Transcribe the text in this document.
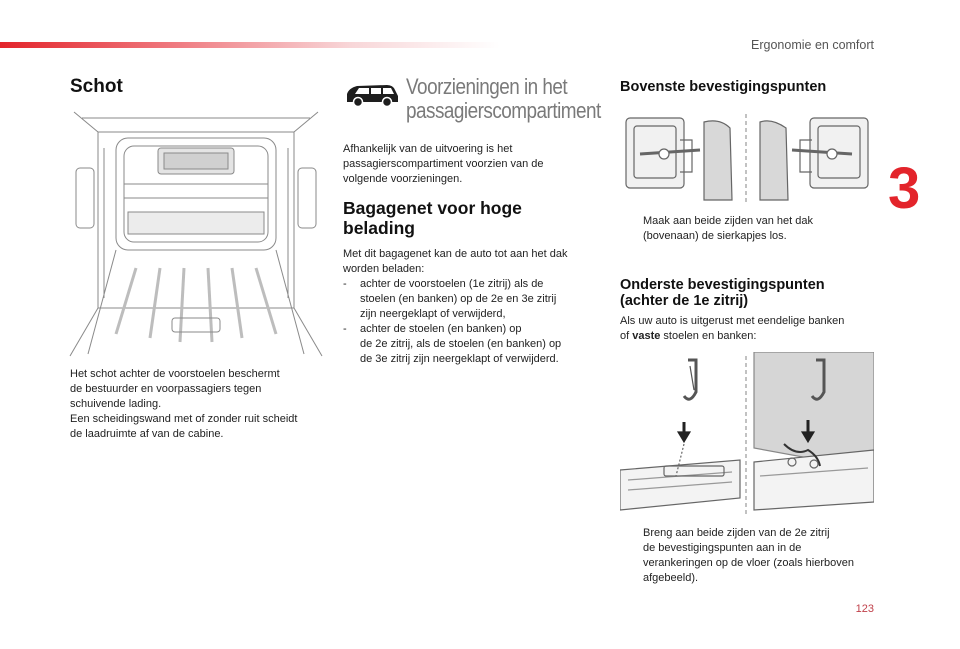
Ergonomie en comfort
3
123
Schot

Het schot achter de voorstoelen beschermt
de bestuurder en voorpassagiers tegen
schuivende lading.
Een scheidingswand met of zonder ruit scheidt
de laadruimte af van de cabine.

Voorzieningen in het
passagierscompartiment

Afhankelijk van de uitvoering is het
passagierscompartiment voorzien van de
volgende voorzieningen.

Bagagenet voor hoge
belading

Met dit bagagenet kan de auto tot aan het dak
worden beladen:

- achter de voorstoelen (1e zitrij) als de
stoelen (en banken) op de 2e en 3e zitrij
zijn neergeklapt of verwijderd,
- achter de stoelen (en banken) op
de 2e zitrij, als de stoelen (en banken) op
de 3e zitrij zijn neergeklapt of verwijderd.
Bovenste bevestigingspunten
Maak aan beide zijden van het dak
(bovenaan) de sierkapjes los.
Onderste bevestigingspunten
(achter de 1e zitrij)

Als uw auto is uitgerust met eendelige banken
of vaste stoelen en banken:

Breng aan beide zijden van de 2e zitrij
de bevestigingspunten aan in de
verankeringen op de vloer (zoals hierboven
afgebeeld).
